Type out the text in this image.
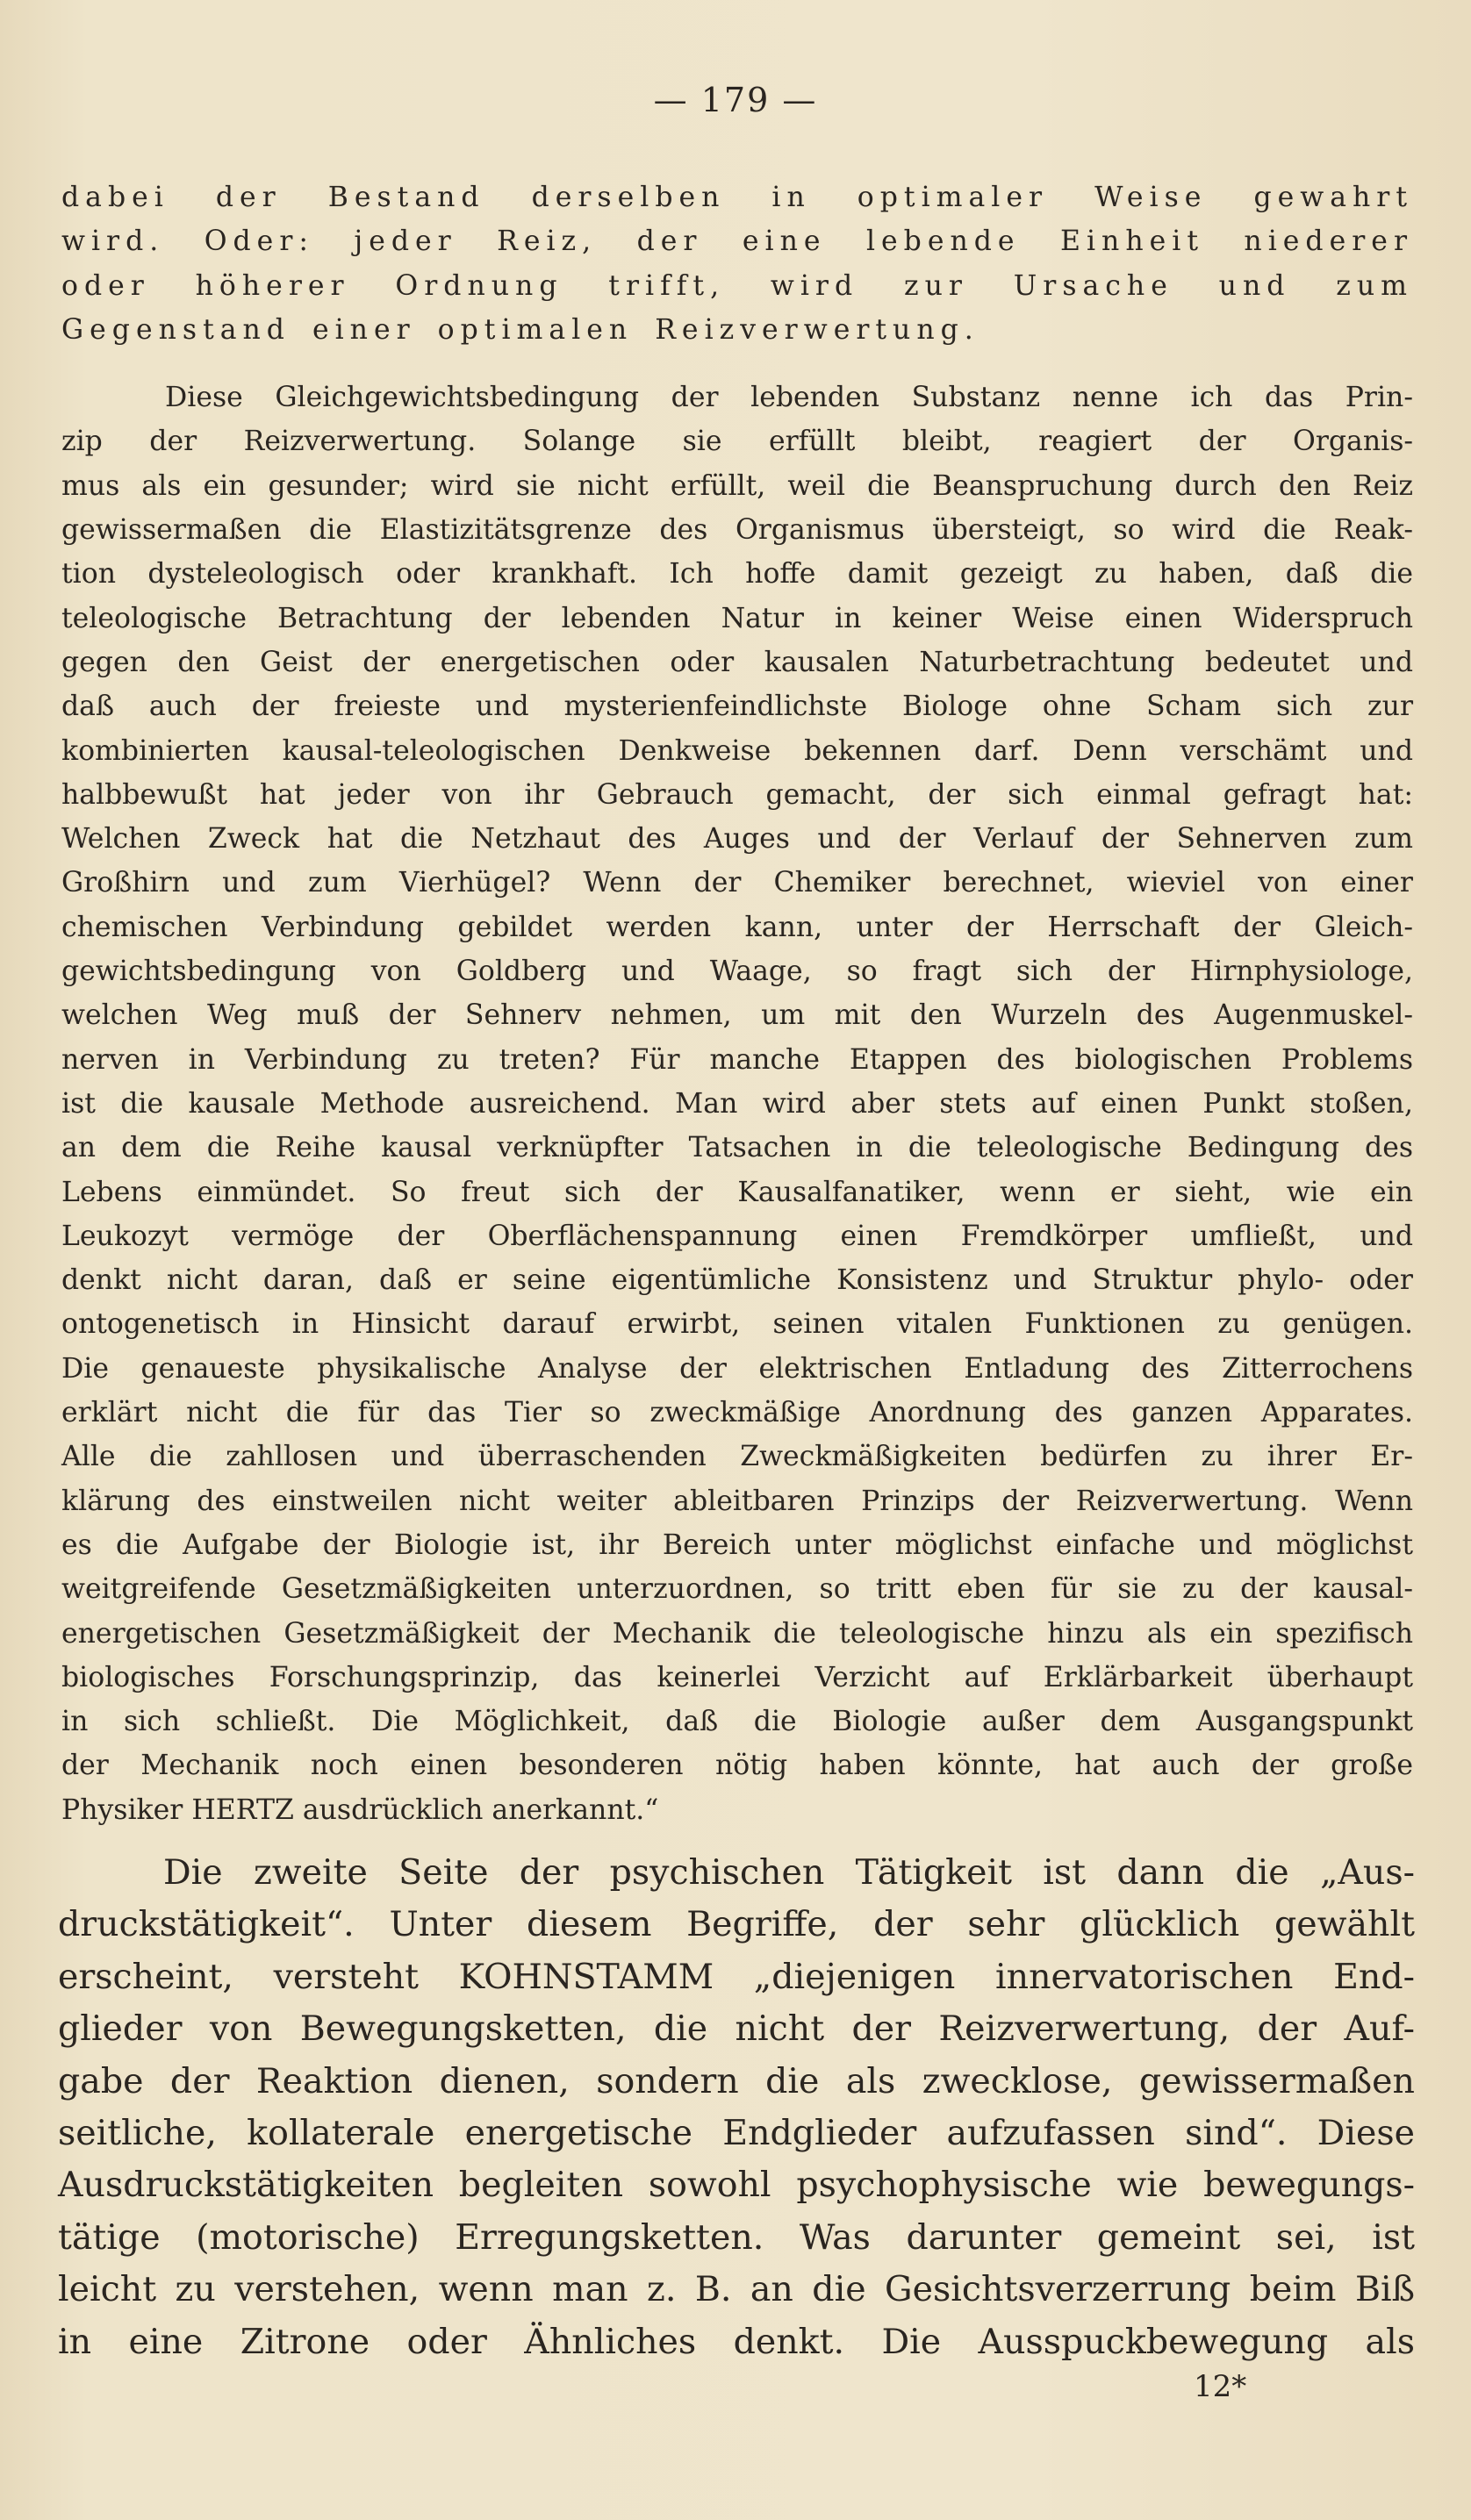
— 179 —

dabei der Bestand derselben in optimaler Weise gewahrt
wird. Oder: jeder Reiz, der eine lebende Einheit niederer
oder höherer Ordnung trifft, wird zur Ursache und zum
Gegenstand einer optimalen Reizverwertung.

Diese Gleichgewichtsbedingung der lebenden Substanz nenne ich das Prin-
zip der Reizverwertung. Solange sie erfüllt bleibt, reagiert der Organis-
mus als ein gesunder; wird sie nicht erfüllt, weil die Beanspruchung durch den Reiz
gewissermaßen die Elastizitätsgrenze des Organismus übersteigt, so wird die Reak-
tion dysteleologisch oder krankhaft. Ich hoffe damit gezeigt zu haben, daß die
teleologische Betrachtung der lebenden Natur in keiner Weise einen Widerspruch
gegen den Geist der energetischen oder kausalen Naturbetrachtung bedeutet und
daß auch der freieste und mysterienfeindlichste Biologe ohne Scham sich zur
kombinierten kausal-teleologischen Denkweise bekennen darf. Denn verschämt und
halbbewußt hat jeder von ihr Gebrauch gemacht, der sich einmal gefragt hat:
Welchen Zweck hat die Netzhaut des Auges und der Verlauf der Sehnerven zum
Großhirn und zum Vierhügel? Wenn der Chemiker berechnet, wieviel von einer
chemischen Verbindung gebildet werden kann, unter der Herrschaft der Gleich-
gewichtsbedingung von Goldberg und Waage, so fragt sich der Hirnphysiologe,
welchen Weg muß der Sehnerv nehmen, um mit den Wurzeln des Augenmuskel-
nerven in Verbindung zu treten? Für manche Etappen des biologischen Problems
ist die kausale Methode ausreichend. Man wird aber stets auf einen Punkt stoßen,
an dem die Reihe kausal verknüpfter Tatsachen in die teleologische Bedingung des
Lebens einmündet. So freut sich der Kausalfanatiker, wenn er sieht, wie ein
Leukozyt vermöge der Oberflächenspannung einen Fremdkörper umfließt, und
denkt nicht daran, daß er seine eigentümliche Konsistenz und Struktur phylo- oder
ontogenetisch in Hinsicht darauf erwirbt, seinen vitalen Funktionen zu genügen.
Die genaueste physikalische Analyse der elektrischen Entladung des Zitterrochens
erklärt nicht die für das Tier so zweckmäßige Anordnung des ganzen Apparates.
Alle die zahllosen und überraschenden Zweckmäßigkeiten bedürfen zu ihrer Er-
klärung des einstweilen nicht weiter ableitbaren Prinzips der Reizverwertung. Wenn
es die Aufgabe der Biologie ist, ihr Bereich unter möglichst einfache und möglichst
weitgreifende Gesetzmäßigkeiten unterzuordnen, so tritt eben für sie zu der kausal-
energetischen Gesetzmäßigkeit der Mechanik die teleologische hinzu als ein spezifisch
biologisches Forschungsprinzip, das keinerlei Verzicht auf Erklärbarkeit überhaupt
in sich schließt. Die Möglichkeit, daß die Biologie außer dem Ausgangspunkt
der Mechanik noch einen besonderen nötig haben könnte, hat auch der große
Physiker HERTZ ausdrücklich anerkannt.“

Die zweite Seite der psychischen Tätigkeit ist dann die „Aus-
druckstätigkeit“. Unter diesem Begriffe, der sehr glücklich gewählt
erscheint, versteht KOHNSTAMM „diejenigen innervatorischen End-
glieder von Bewegungsketten, die nicht der Reizverwertung, der Auf-
gabe der Reaktion dienen, sondern die als zwecklose, gewissermaßen
seitliche, kollaterale energetische Endglieder aufzufassen sind“. Diese
Ausdruckstätigkeiten begleiten sowohl psychophysische wie bewegungs-
tätige (motorische) Erregungsketten. Was darunter gemeint sei, ist
leicht zu verstehen, wenn man z. B. an die Gesichtsverzerrung beim Biß
in eine Zitrone oder Ähnliches denkt. Die Ausspuckbewegung als
12*
